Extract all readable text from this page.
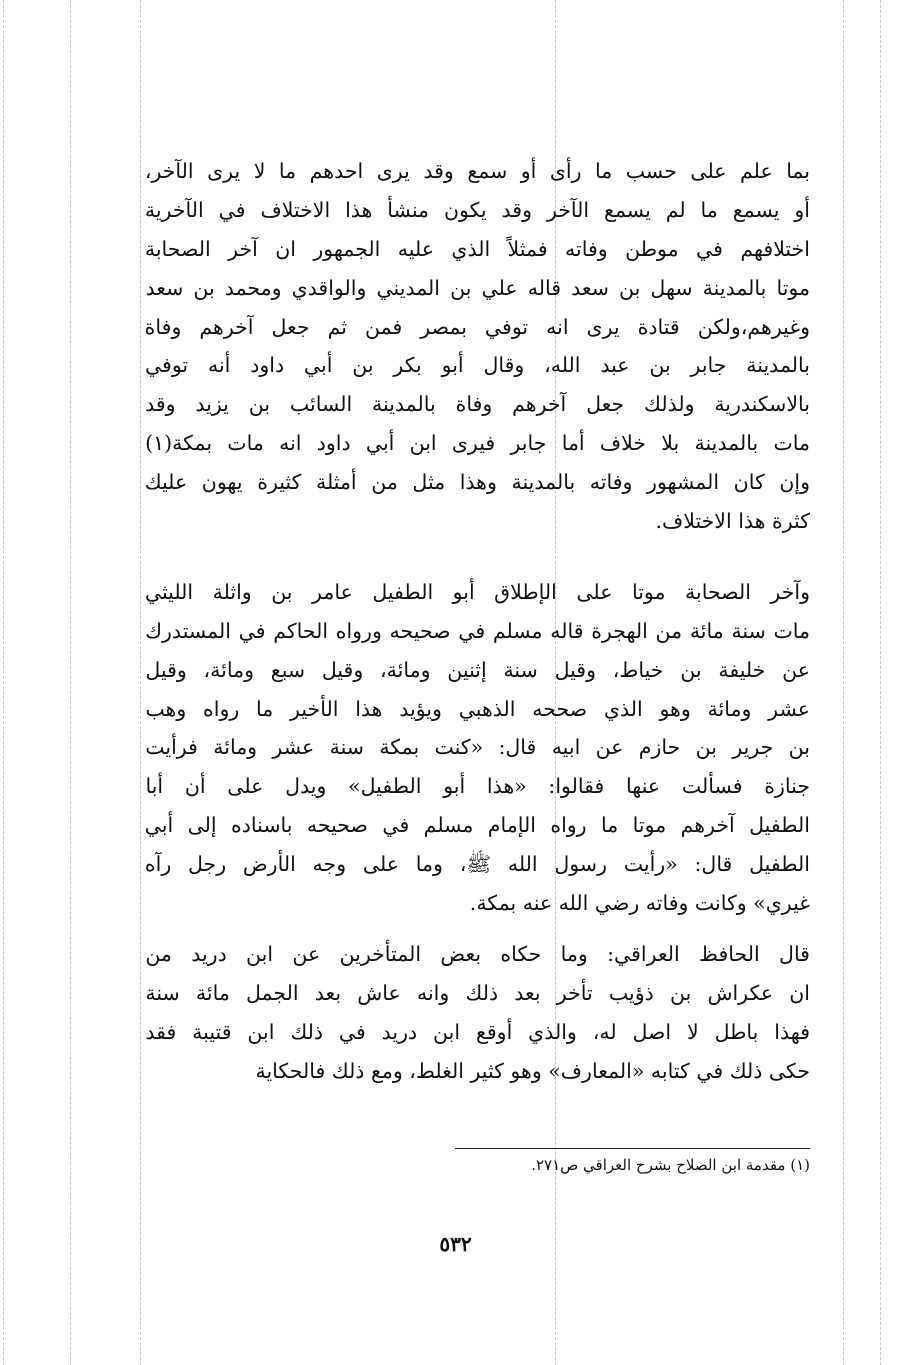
بما علم على حسب ما رأى أو سمع وقد يرى احدهم ما لا يرى الآخر،
أو يسمع ما لم يسمع الآخر وقد يكون منشأ هذا الاختلاف في الآخرية
اختلافهم في موطن وفاته فمثلاً الذي عليه الجمهور ان آخر الصحابة
موتا بالمدينة سهل بن سعد قاله علي بن المديني والواقدي ومحمد بن سعد
وغيرهم،ولكن قتادة يرى انه توفي بمصر فمن ثم جعل آخرهم وفاة
بالمدينة جابر بن عبد الله، وقال أبو بكر بن أبي داود أنه توفي
بالاسكندرية ولذلك جعل آخرهم وفاة بالمدينة السائب بن يزيد وقد
مات بالمدينة بلا خلاف أما جابر فيرى ابن أبي داود انه مات بمكة(١)
وإن كان المشهور وفاته بالمدينة وهذا مثل من أمثلة كثيرة يهون عليك
كثرة هذا الاختلاف.
وآخر الصحابة موتا على الإطلاق أبو الطفيل عامر بن واثلة الليثي
مات سنة مائة من الهجرة قاله مسلم في صحيحه ورواه الحاكم في المستدرك
عن خليفة بن خياط، وقيل سنة إثنين ومائة، وقيل سبع ومائة، وقيل
عشر ومائة وهو الذي صححه الذهبي ويؤيد هذا الأخير ما رواه وهب
بن جرير بن حازم عن ابيه قال: «كنت بمكة سنة عشر ومائة فرأيت
جنازة فسألت عنها فقالوا: «هذا أبو الطفيل» ويدل على أن أبا
الطفيل آخرهم موتا ما رواه الإمام مسلم في صحيحه باسناده إلى أبي
الطفيل قال: «رأيت رسول الله ﷺ، وما على وجه الأرض رجل رآه
غيري» وكانت وفاته رضي الله عنه بمكة.
قال الحافظ العراقي: وما حكاه بعض المتأخرين عن ابن دريد من
ان عكراش بن ذؤيب تأخر بعد ذلك وانه عاش بعد الجمل مائة سنة
فهذا باطل لا اصل له، والذي أوقع ابن دريد في ذلك ابن قتيبة فقد
حكى ذلك في كتابه «المعارف» وهو كثير الغلط، ومع ذلك فالحكاية
(١) مقدمة ابن الصلاح بشرح العراقي ص٢٧١.
٥٣٢
